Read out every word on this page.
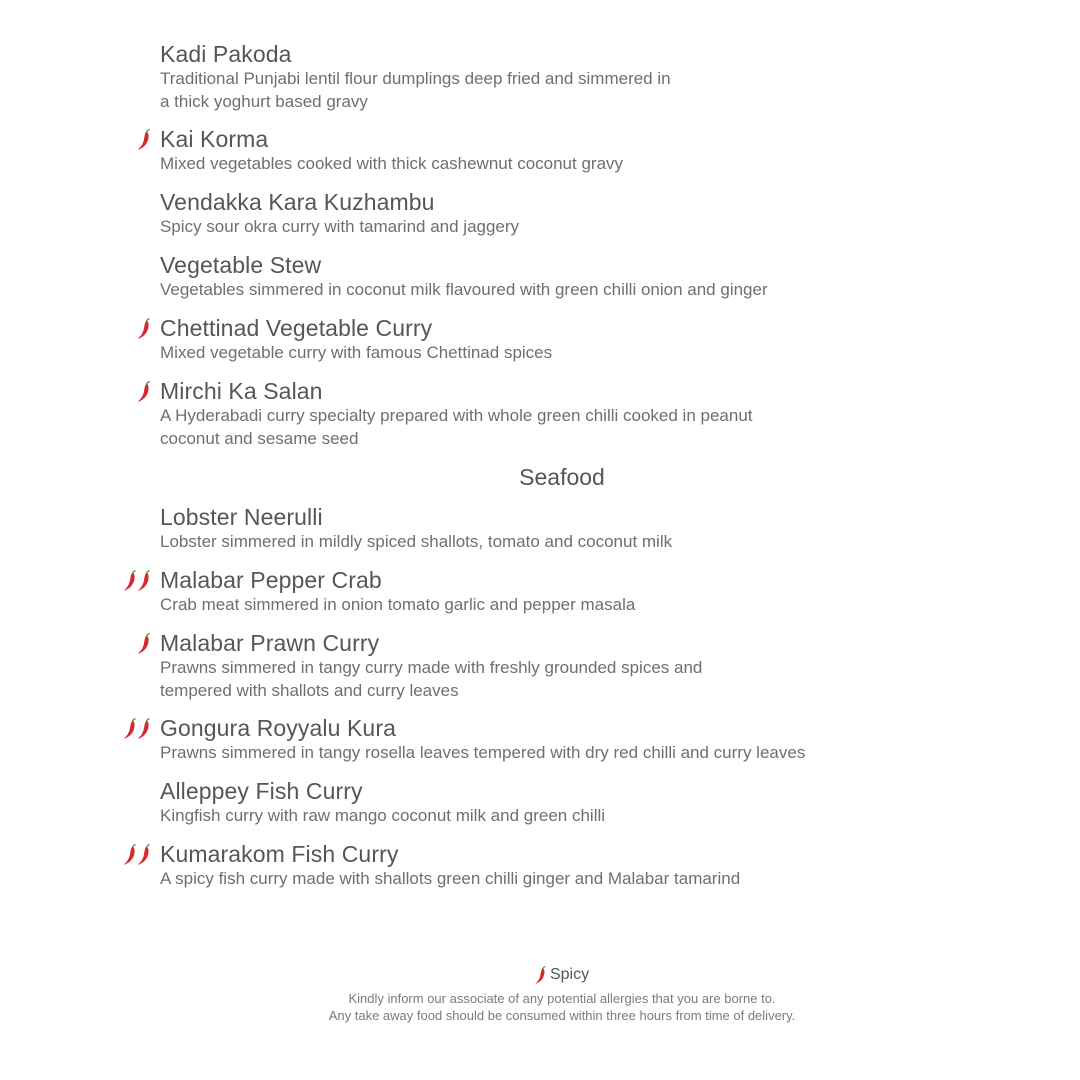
Kadi Pakoda
Traditional Punjabi lentil flour dumplings deep fried and simmered in
a thick yoghurt based gravy
Kai Korma
Mixed vegetables cooked with thick cashewnut coconut gravy
Vendakka Kara Kuzhambu
Spicy sour okra curry with tamarind and jaggery
Vegetable Stew
Vegetables simmered in coconut milk flavoured with green chilli onion and ginger
Chettinad Vegetable Curry
Mixed vegetable curry with famous Chettinad spices
Mirchi Ka Salan
A Hyderabadi curry specialty prepared with whole green chilli cooked in peanut
coconut and sesame seed
Seafood
Lobster Neerulli
Lobster simmered in mildly spiced shallots, tomato and coconut milk
Malabar Pepper Crab
Crab meat simmered in onion tomato garlic and pepper masala
Malabar Prawn Curry
Prawns simmered in tangy curry made with freshly grounded spices and
tempered with shallots and curry leaves
Gongura Royyalu Kura
Prawns simmered in tangy rosella leaves tempered with dry red chilli and curry leaves
Alleppey Fish Curry
Kingfish curry with raw mango coconut milk and green chilli
Kumarakom Fish Curry
A spicy fish curry made with shallots green chilli ginger and Malabar tamarind
Spicy
Kindly inform our associate of any potential allergies that you are borne to.
Any take away food should be consumed within three hours from time of delivery.
